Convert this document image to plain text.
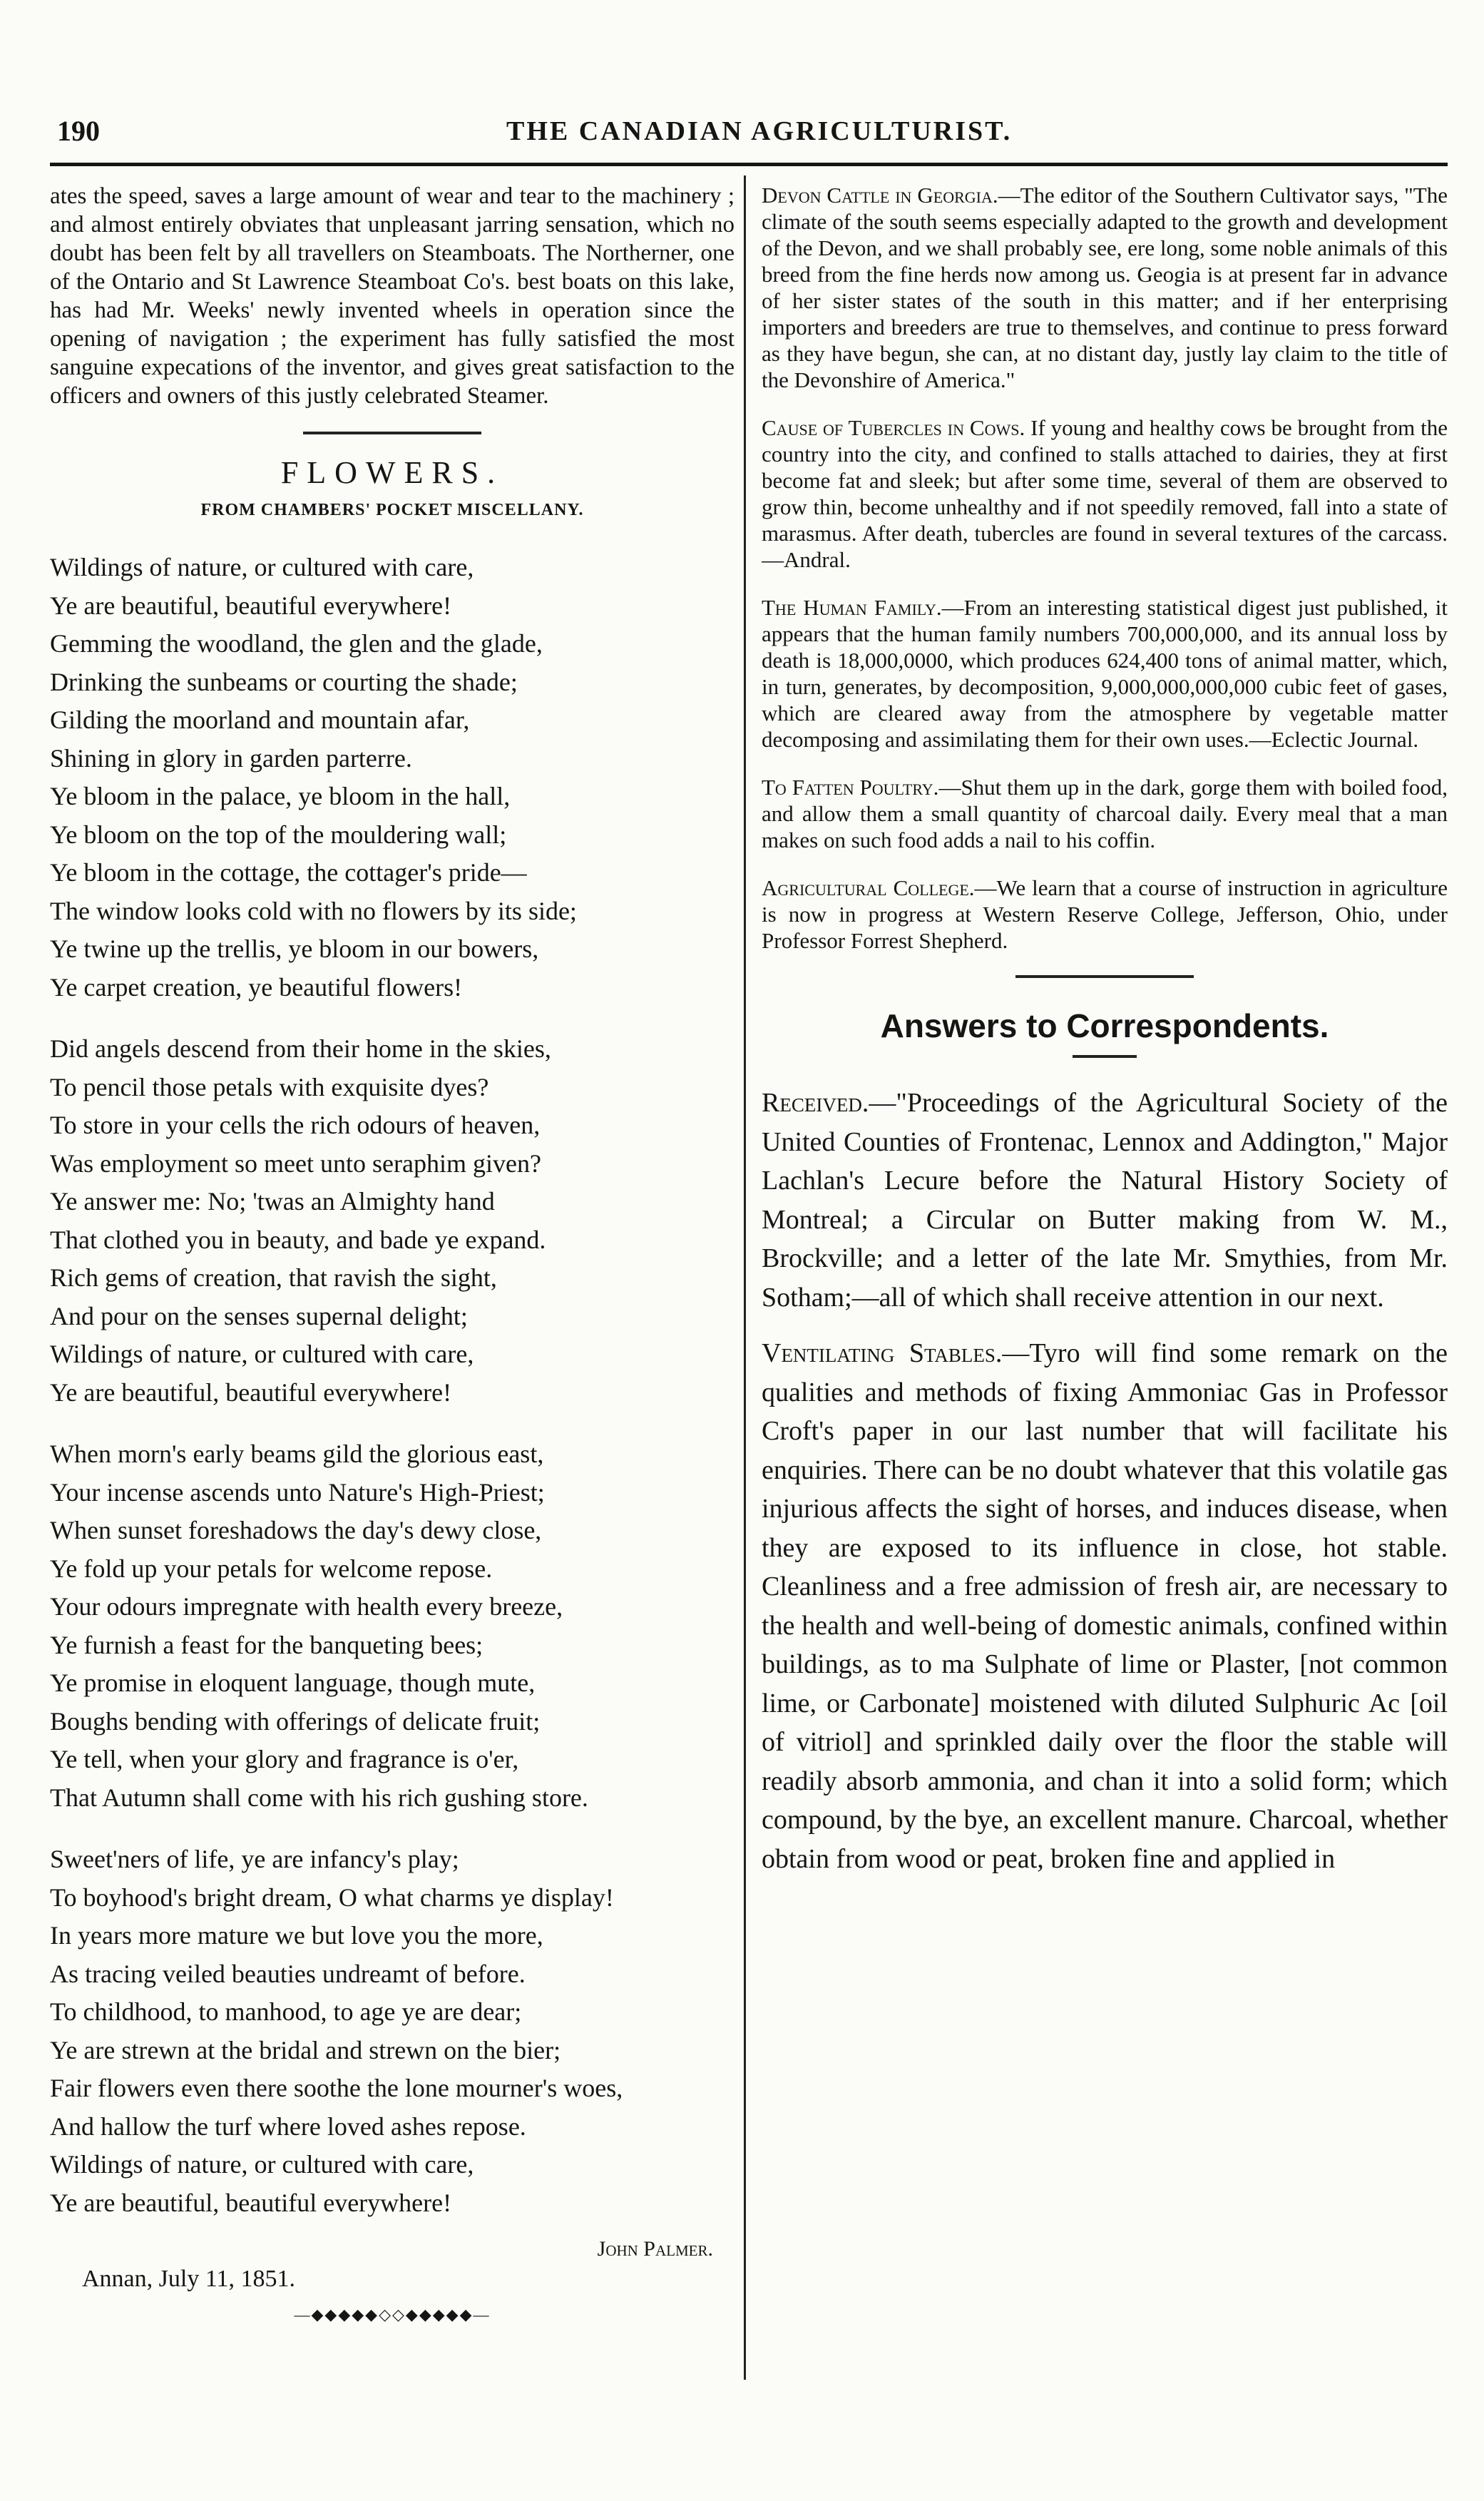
190	THE CANADIAN AGRICULTURIST.

ates the speed, saves a large amount of wear and tear to the machinery ; and almost entirely obviates that unpleasant jarring sensation, which no doubt has been felt by all travellers on Steamboats. The Northerner, one of the Ontario and St Lawrence Steamboat Co's. best boats on this lake, has had Mr. Weeks' newly invented wheels in operation since the opening of navigation ; the experiment has fully satisfied the most sanguine expecations of the inventor, and gives great satisfaction to the officers and owners of this justly celebrated Steamer.

FLOWERS.
FROM CHAMBERS' POCKET MISCELLANY.
Wildings of nature, or cultured with care,
Ye are beautiful, beautiful everywhere!
Gemming the woodland, the glen and the glade,
Drinking the sunbeams or courting the shade;
Gilding the moorland and mountain afar,
Shining in glory in garden parterre.
Ye bloom in the palace, ye bloom in the hall,
Ye bloom on the top of the mouldering wall;
Ye bloom in the cottage, the cottager's pride—
The window looks cold with no flowers by its side;
Ye twine up the trellis, ye bloom in our bowers,
Ye carpet creation, ye beautiful flowers!
Did angels descend from their home in the skies,
To pencil those petals with exquisite dyes?
To store in your cells the rich odours of heaven,
Was employment so meet unto seraphim given?
Ye answer me: No; 'twas an Almighty hand
That clothed you in beauty, and bade ye expand.
Rich gems of creation, that ravish the sight,
And pour on the senses supernal delight;
Wildings of nature, or cultured with care,
Ye are beautiful, beautiful everywhere!
When morn's early beams gild the glorious east,
Your incense ascends unto Nature's High-Priest;
When sunset foreshadows the day's dewy close,
Ye fold up your petals for welcome repose.
Your odours impregnate with health every breeze,
Ye furnish a feast for the banqueting bees;
Ye promise in eloquent language, though mute,
Boughs bending with offerings of delicate fruit;
Ye tell, when your glory and fragrance is o'er,
That Autumn shall come with his rich gushing store.
Sweet'ners of life, ye are infancy's play;
To boyhood's bright dream, O what charms ye display!
In years more mature we but love you the more,
As tracing veiled beauties undreamt of before.
To childhood, to manhood, to age ye are dear;
Ye are strewn at the bridal and strewn on the bier;
Fair flowers even there soothe the lone mourner's woes,
And hallow the turf where loved ashes repose.
Wildings of nature, or cultured with care,
Ye are beautiful, beautiful everywhere!
John Palmer.
Annan, July 11, 1851.
—◆◆◆◆◆◇◇◆◆◆◆◆—

Devon Cattle in Georgia.—The editor of the Southern Cultivator says, "The climate of the south seems especially adapted to the growth and development of the Devon, and we shall probably see, ere long, some noble animals of this breed from the fine herds now among us. Geogia is at present far in advance of her sister states of the south in this matter; and if her enterprising importers and breeders are true to themselves, and continue to press forward as they have begun, she can, at no distant day, justly lay claim to the title of the Devonshire of America."

Cause of Tubercles in Cows. If young and healthy cows be brought from the country into the city, and confined to stalls attached to dairies, they at first become fat and sleek; but after some time, several of them are observed to grow thin, become unhealthy and if not speedily removed, fall into a state of marasmus. After death, tubercles are found in several textures of the carcass.—Andral.

The Human Family.—From an interesting statistical digest just published, it appears that the human family numbers 700,000,000, and its annual loss by death is 18,000,0000, which produces 624,400 tons of animal matter, which, in turn, generates, by decomposition, 9,000,000,000,000 cubic feet of gases, which are cleared away from the atmosphere by vegetable matter decomposing and assimilating them for their own uses.—Eclectic Journal.

To Fatten Poultry.—Shut them up in the dark, gorge them with boiled food, and allow them a small quantity of charcoal daily. Every meal that a man makes on such food adds a nail to his coffin.

Agricultural College.—We learn that a course of instruction in agriculture is now in progress at Western Reserve College, Jefferson, Ohio, under Professor Forrest Shepherd.

Answers to Correspondents.

Received.—"Proceedings of the Agricultural Society of the United Counties of Frontenac, Lennox and Addington," Major Lachlan's Lecure before the Natural History Society of Montreal; a Circular on Butter making from W. M., Brockville; and a letter of the late Mr. Smythies, from Mr. Sotham;—all of which shall receive attention in our next.

Ventilating Stables.—Tyro will find some remark on the qualities and methods of fixing Ammoniac Gas in Professor Croft's paper in our last number that will facilitate his enquiries. There can be no doubt whatever that this volatile gas injurious affects the sight of horses, and induces disease, when they are exposed to its influence in close, hot stable. Cleanliness and a free admission of fresh air, are necessary to the health and well-being of domestic animals, confined within buildings, as to ma Sulphate of lime or Plaster, [not common lime, or Carbonate] moistened with diluted Sulphuric Ac [oil of vitriol] and sprinkled daily over the floor the stable will readily absorb ammonia, and chan it into a solid form; which compound, by the bye, an excellent manure. Charcoal, whether obtain from wood or peat, broken fine and applied in
